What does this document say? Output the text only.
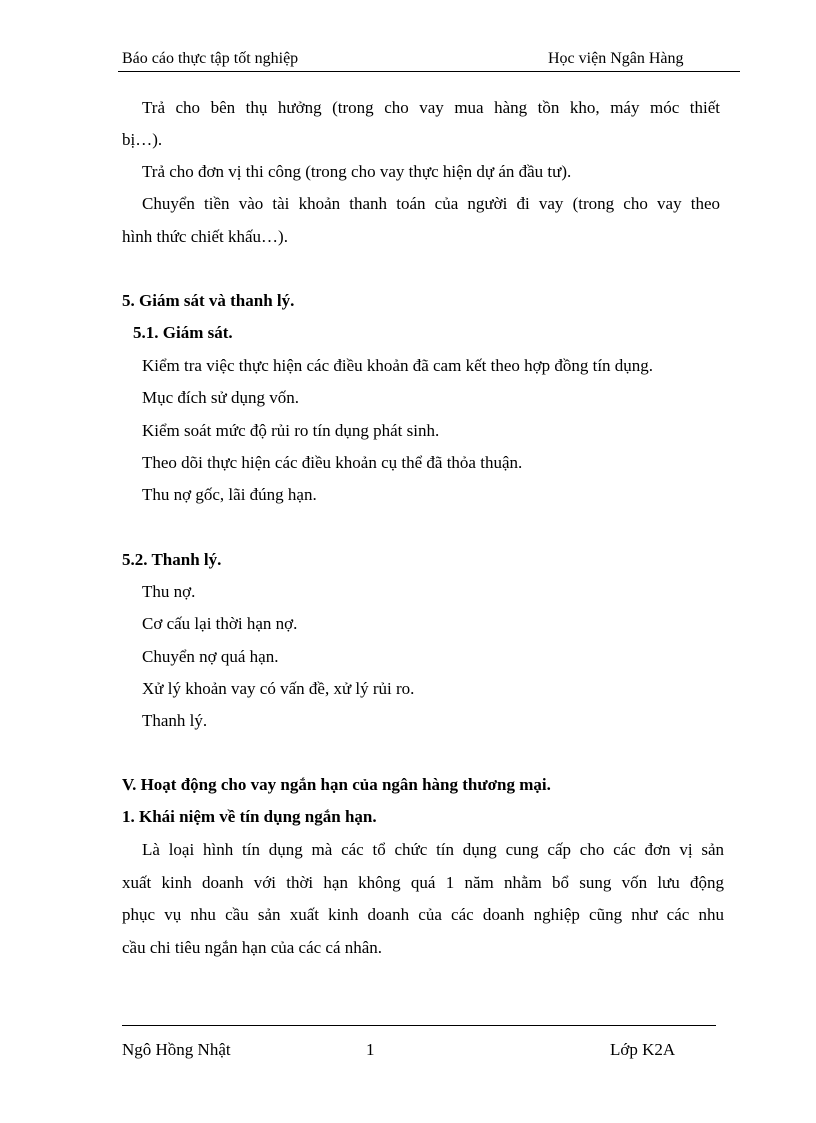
Báo cáo thực tập tốt nghiệp	Học viện Ngân Hàng
Trả cho bên thụ hưởng (trong cho vay mua hàng tồn kho, máy móc thiết
bị…).
Trả cho đơn vị thi công (trong cho vay thực hiện dự án đầu tư).
Chuyển tiền vào tài khoản thanh toán của người đi vay (trong cho vay theo
hình thức chiết khấu…).
5. Giám sát và thanh lý.
5.1. Giám sát.
Kiểm tra việc thực hiện các điều khoản đã cam kết theo hợp đồng tín dụng.
Mục đích sử dụng vốn.
Kiểm soát mức độ rủi ro tín dụng phát sinh.
Theo dõi thực hiện các điều khoản cụ thể đã thỏa thuận.
Thu nợ gốc, lãi đúng hạn.
5.2. Thanh lý.
Thu nợ.
Cơ cấu lại thời hạn nợ.
Chuyển nợ quá hạn.
Xử lý khoản vay có vấn đề, xử lý rủi ro.
Thanh lý.
V. Hoạt động cho vay ngắn hạn của ngân hàng thương mại.
1. Khái niệm về tín dụng ngắn hạn.
Là loại hình tín dụng mà các tổ chức tín dụng cung cấp cho các đơn vị sản
xuất kinh doanh với thời hạn không quá 1 năm nhằm bổ sung vốn lưu động
phục vụ nhu cầu sản xuất kinh doanh của các doanh nghiệp cũng như các nhu
cầu chi tiêu ngắn hạn của các cá nhân.
Ngô Hồng Nhật	1	Lớp K2A
